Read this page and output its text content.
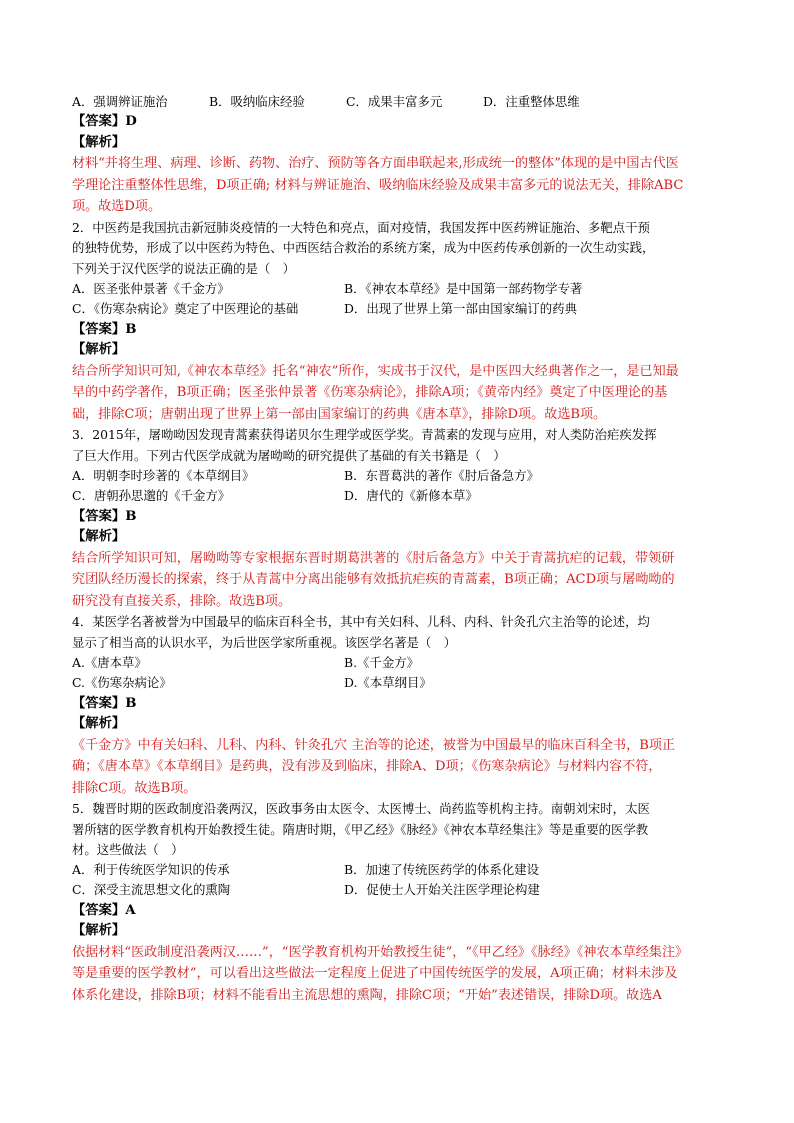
A．强调辨证施治	B．吸纳临床经验	C．成果丰富多元	D．注重整体思维
【答案】D
【解析】
材料“并将生理、病理、诊断、药物、治疗、预防等各方面串联起来,形成统一的整体”体现的是中国古代医
学理论注重整体性思维，D项正确; 材料与辨证施治、吸纳临床经验及成果丰富多元的说法无关，排除ABC
项。故选D项。
2．中医药是我国抗击新冠肺炎疫情的一大特色和亮点，面对疫情，我国发挥中医药辨证施治、多靶点干预
的独特优势，形成了以中医药为特色、中西医结合救治的系统方案，成为中医药传承创新的一次生动实践，
下列关于汉代医学的说法正确的是（　）
A．医圣张仲景著《千金方》	B．《神农本草经》是中国第一部药物学专著
C．《伤寒杂病论》奠定了中医理论的基础	D．出现了世界上第一部由国家编订的药典
【答案】B
【解析】
结合所学知识可知,《神农本草经》托名“神农”所作，实成书于汉代，是中医四大经典著作之一，是已知最
早的中药学著作，B项正确；医圣张仲景著《伤寒杂病论》，排除A项；《黄帝内经》奠定了中医理论的基
础，排除C项；唐朝出现了世界上第一部由国家编订的药典《唐本草》，排除D项。故选B项。
3．2015年，屠呦呦因发现青蒿素获得诺贝尔生理学或医学奖。青蒿素的发现与应用，对人类防治疟疾发挥
了巨大作用。下列古代医学成就为屠呦呦的研究提供了基础的有关书籍是（　）
A．明朝李时珍著的《本草纲目》	B．东晋葛洪的著作《肘后备急方》
C．唐朝孙思邈的《千金方》	D．唐代的《新修本草》
【答案】B
【解析】
结合所学知识可知，屠呦呦等专家根据东晋时期葛洪著的《肘后备急方》中关于青蒿抗疟的记载，带领研
究团队经历漫长的探索，终于从青蒿中分离出能够有效抵抗疟疾的青蒿素，B项正确；ACD项与屠呦呦的
研究没有直接关系，排除。故选B项。
4．某医学名著被誉为中国最早的临床百科全书，其中有关妇科、儿科、内科、针灸孔穴主治等的论述，均
显示了相当高的认识水平，为后世医学家所重视。该医学名著是（　）
A.《唐本草》	B.《千金方》
C.《伤寒杂病论》	D.《本草纲目》
【答案】B
【解析】
《千金方》中有关妇科、儿科、内科、针灸孔穴 主治等的论述，被誉为中国最早的临床百科全书，B项正
确；《唐本草》《本草纲目》是药典，没有涉及到临床，排除A、D项；《伤寒杂病论》与材料内容不符，
排除C项。故选B项。
5．魏晋时期的医政制度沿袭两汉，医政事务由太医令、太医博士、尚药监等机构主持。南朝刘宋时，太医
署所辖的医学教育机构开始教授生徒。隋唐时期，《甲乙经》《脉经》《神农本草经集注》等是重要的医学教
材。这些做法（　）
A．利于传统医学知识的传承	B．加速了传统医药学的体系化建设
C．深受主流思想文化的熏陶	D．促使士人开始关注医学理论构建
【答案】A
【解析】
依据材料“医政制度沿袭两汉……”，“医学教育机构开始教授生徒”，“《甲乙经》《脉经》《神农本草经集注》
等是重要的医学教材”，可以看出这些做法一定程度上促进了中国传统医学的发展，A项正确；材料未涉及
体系化建设，排除B项；材料不能看出主流思想的熏陶，排除C项；“开始”表述错误，排除D项。故选A
